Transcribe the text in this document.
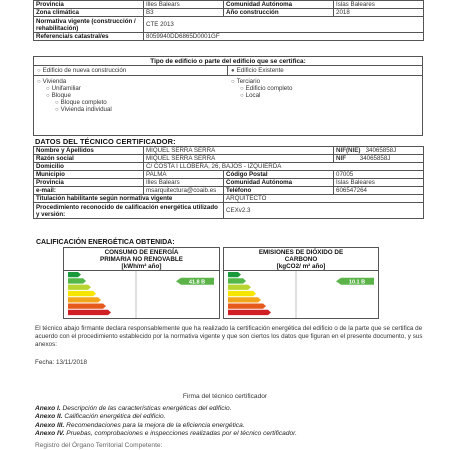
Provincia	Illes Balears	Comunidad Autónoma	Islas Baleares
Zona climática	B3	Año construcción	2018
Normativa vigente (construcción / rehabilitación)	CTE 2013		
Referencia/s catastral/es	8059940DD6865D0001GF		
Tipo de edificio o parte del edificio que se certifica:
○ Edificio de nueva construcción	● Edificio Existente
○ Vivienda
○ Unifamiliar
○ Bloque
○ Bloque completo
○ Vivienda individual
○ Terciario
○ Edificio completo
○ Local
DATOS DEL TÉCNICO CERTIFICADOR:
Nombre y Apellidos	MIQUEL SERRA SERRA		NIF(NIE) 34065858J
Razón social	MIQUEL SERRA SERRA		NIF 34065858J
Domicilio	C/ COSTA I LLOBERA, 26, BAJOS - IZQUIERDA		
Municipio	PALMA	Código Postal	07005
Provincia	Illes Balears	Comunidad Autónoma	Islas Baleares
e-mail:	msarquitectura@coaib.es	Teléfono	606547264
Titulación habilitante según normativa vigente		ARQUITECTO	
Procedimiento reconocido de calificación energética utilizado y versión:		CEXv2.3	
CALIFICACIÓN ENERGÉTICA OBTENIDA:
CONSUMO DE ENERGÍA
PRIMARIA NO RENOVABLE
[kWh/m² año]
41.8 B
EMISIONES DE DIÓXIDO DE
CARBONO
[kgCO2/ m² año]
10.1 B
El técnico abajo firmante declara responsablemente que ha realizado la certificación energética del edificio o de la parte que se certifica de acuerdo con el procedimiento establecido por la normativa vigente y que son ciertos los datos que figuran en el presente documento, y sus anexos:
Fecha: 13/11/2018
Firma del técnico certificador
Anexo I. Descripción de las características energéticas del edificio.
Anexo II. Calificación energética del edificio.
Anexo III. Recomendaciones para la mejora de la eficiencia energética.
Anexo IV. Pruebas, comprobaciones e inspecciones realizadas por el técnico certificador.
Registro del Órgano Territorial Competente:
